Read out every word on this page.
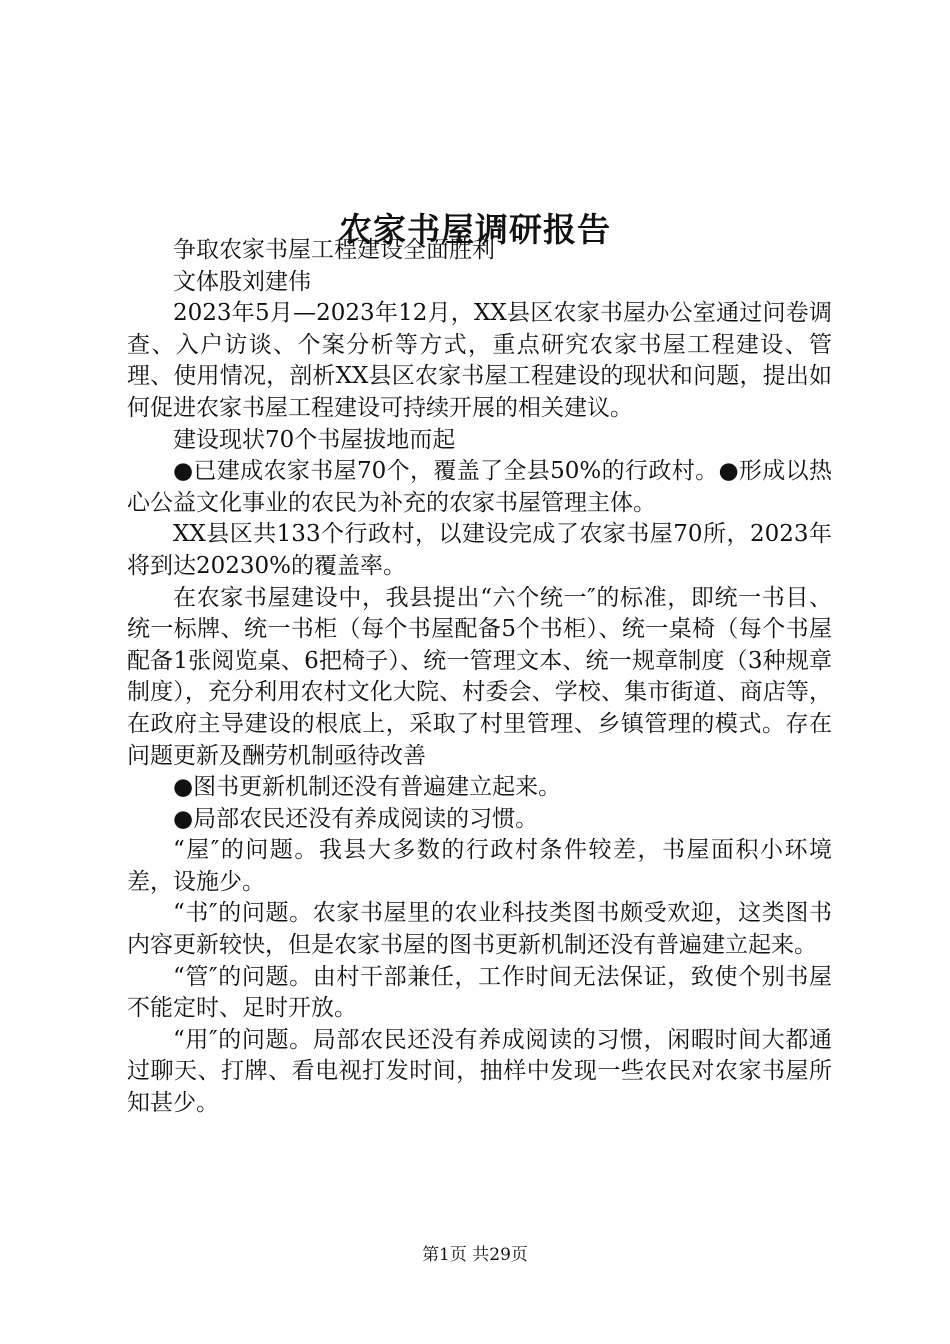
农家书屋调研报告

争取农家书屋工程建设全面胜利

文体股刘建伟

2023年5月—2023年12月，XX县区农家书屋办公室通过问卷调查、入户访谈、个案分析等方式，重点研究农家书屋工程建设、管理、使用情况，剖析XX县区农家书屋工程建设的现状和问题，提出如何促进农家书屋工程建设可持续开展的相关建议。

建设现状70个书屋拔地而起

●已建成农家书屋70个，覆盖了全县50%的行政村。●形成以热心公益文化事业的农民为补充的农家书屋管理主体。

XX县区共133个行政村，以建设完成了农家书屋70所，2023年将到达20230%的覆盖率。

在农家书屋建设中，我县提出“六个统一″的标准，即统一书目、统一标牌、统一书柜（每个书屋配备5个书柜）、统一桌椅（每个书屋配备1张阅览桌、6把椅子）、统一管理文本、统一规章制度（3种规章制度），充分利用农村文化大院、村委会、学校、集市街道、商店等，在政府主导建设的根底上，采取了村里管理、乡镇管理的模式。存在问题更新及酬劳机制亟待改善

●图书更新机制还没有普遍建立起来。

●局部农民还没有养成阅读的习惯。

“屋″的问题。我县大多数的行政村条件较差，书屋面积小环境差，设施少。

“书″的问题。农家书屋里的农业科技类图书颇受欢迎，这类图书内容更新较快，但是农家书屋的图书更新机制还没有普遍建立起来。

“管″的问题。由村干部兼任，工作时间无法保证，致使个别书屋不能定时、足时开放。

“用″的问题。局部农民还没有养成阅读的习惯，闲暇时间大都通过聊天、打牌、看电视打发时间，抽样中发现一些农民对农家书屋所知甚少。

第1页 共29页
